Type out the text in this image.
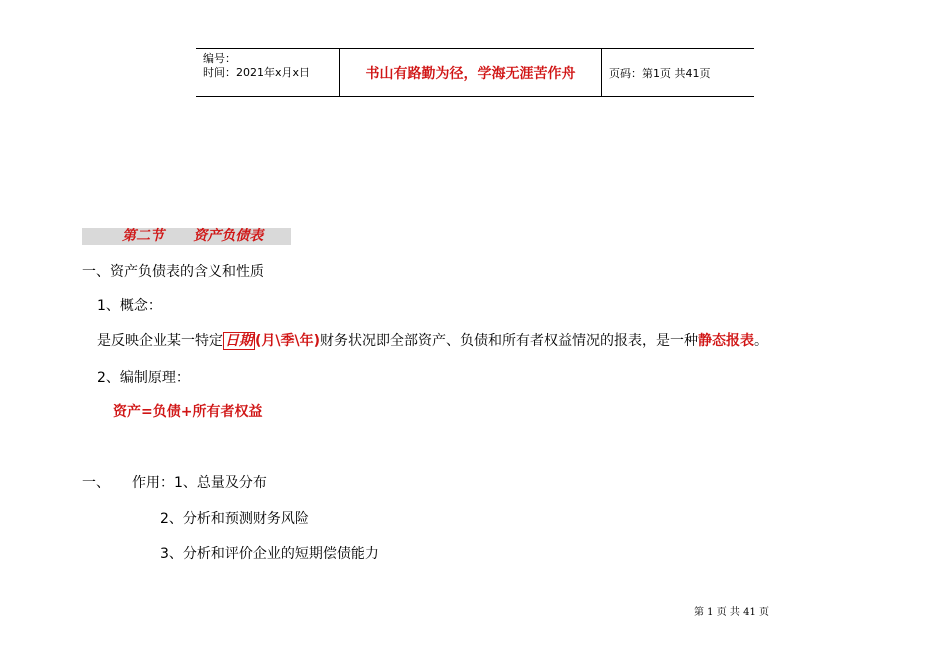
编号：
时间：2021年x月x日	书山有路勤为径，学海无涯苦作舟	页码：第1页 共41页
第二节      资产负债表
一、资产负债表的含义和性质
1、概念：
是反映企业某一特定 日期 (月\季\年)财务状况即全部资产、负债和所有者权益情况的报表，是一种静态报表。
2、编制原理：
资产=负债+所有者权益
一、 作用：1、总量及分布
2、分析和预测财务风险
3、分析和评价企业的短期偿债能力
第 1 页 共 41 页
